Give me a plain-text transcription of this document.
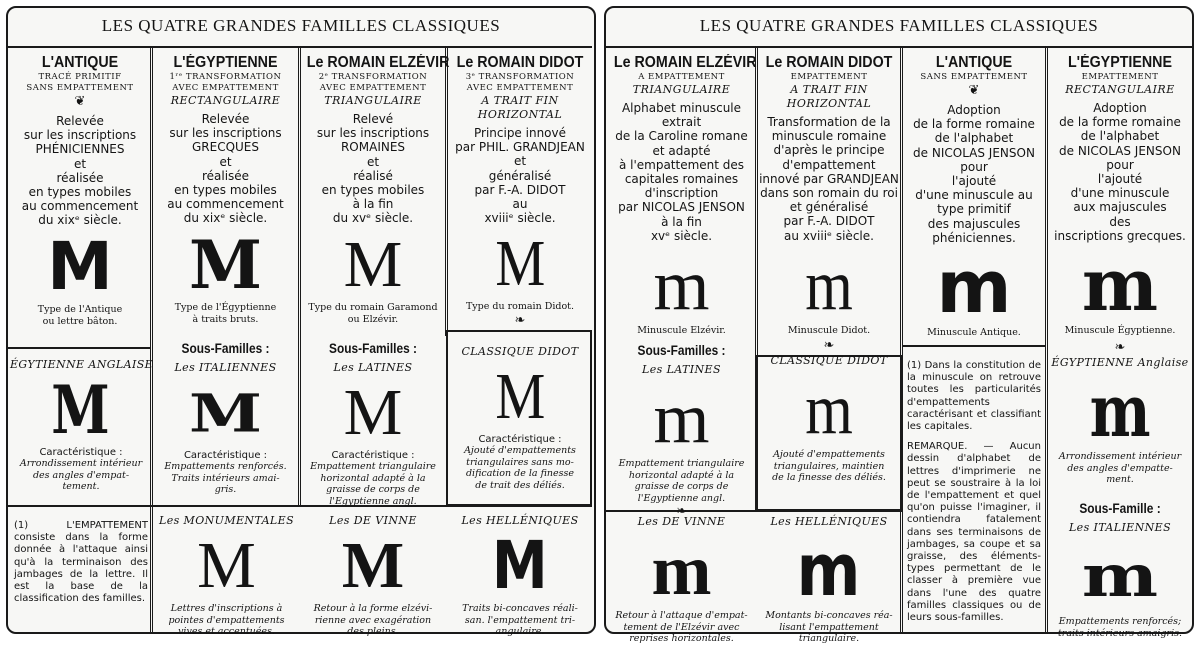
LES QUATRE GRANDES FAMILLES CLASSIQUES	LES QUATRE GRANDES FAMILLES CLASSIQUES
L'ANTIQUE
TRACÉ PRIMITIF
SANS EMPATTEMENT
❦
Relevée
sur les inscriptions
PHÉNICIENNES
et
réalisée
en types mobiles
au commencement
du xixᵉ siècle.
M
Type de l'Antique
ou lettre bâton.
L'ÉGYPTIENNE
1ʳᵉ TRANSFORMATION
AVEC EMPATTEMENT
RECTANGULAIRE
Relevée
sur les inscriptions
GRECQUES
et
réalisée
en types mobiles
au commencement
du xixᵉ siècle.
M
Type de l'Égyptienne
à traits bruts.
Le ROMAIN ELZÉVIR
2ᵉ TRANSFORMATION
AVEC EMPATTEMENT
TRIANGULAIRE
Relevé
sur les inscriptions
ROMAINES
et
réalisé
en types mobiles
à la fin
du xvᵉ siècle.
M
Type du romain Garamond
ou Elzévir.
Le ROMAIN DIDOT
3ᵉ TRANSFORMATION
AVEC EMPATTEMENT
A TRAIT FIN
HORIZONTAL
Principe innové
par PHIL. GRANDJEAN
et
généralisé
par F.-A. DIDOT
au
xviiiᵉ siècle.
M
Type du romain Didot.
❧
ÉGYTIENNE ANGLAISE
M
Caractéristique :
Arrondissement intérieur
des angles d'empat-
tement.
Sous-Familles :
Les ITALIENNES
M
Caractéristique :
Empattements renforcés.
Traits intérieurs amai-
gris.
Sous-Familles :
Les LATINES
M
Caractéristique :
Empattement triangulaire
horizontal adapté à la
graisse de corps de
l'Egyptienne angl.
CLASSIQUE DIDOT
M
Caractéristique :
Ajouté d'empattements
triangulaires sans mo-
dification de la finesse
de trait des déliés.

(1) L'EMPATTEMENT consiste dans la forme donnée à l'attaque ainsi qu'à la terminaison des jambages de la lettre. Il est la base de la classification des familles.

Les MONUMENTALES
M
Lettres d'inscriptions à
pointes d'empattements
vives et accentuées.
Les DE VINNE
M
Retour à la forme elzévi-
rienne avec exagération
des pleins.
Les HELLÉNIQUES
M
Traits bi-concaves réali-
san. l'empattement tri-
angulaire.
Le ROMAIN ELZÉVIR
A EMPATTEMENT
TRIANGULAIRE
Alphabet minuscule
extrait
de la Caroline romane
et adapté
à l'empattement des
capitales romaines
d'inscription
par NICOLAS JENSON
à la fin
xvᵉ siècle.
m
Minuscule Elzévir.
Le ROMAIN DIDOT
EMPATTEMENT
A TRAIT FIN
HORIZONTAL
Transformation de la
minuscule romaine
d'après le principe
d'empattement
innové par GRANDJEAN
dans son romain du roi
et généralisé
par F.-A. DIDOT
au xviiiᵉ siècle.
m
Minuscule Didot.
L'ANTIQUE
SANS EMPATTEMENT
❦
Adoption
de la forme romaine
de l'alphabet
de NICOLAS JENSON
pour
l'ajouté
d'une minuscule au
type primitif
des majuscules
phéniciennes.
m
Minuscule Antique.
L'ÉGYPTIENNE
EMPATTEMENT
RECTANGULAIRE
Adoption
de la forme romaine
de l'alphabet
de NICOLAS JENSON
pour
l'ajouté
d'une minuscule
aux majuscules
des
inscriptions grecques.
m
Minuscule Égyptienne.
Sous-Familles :
Les LATINES
m
Empattement triangulaire
horizontal adapté à la
graisse de corps de
l'Egyptienne angl.
❧
❧
CLASSIQUE DIDOT
m
Ajouté d'empattements
triangulaires, maintien
de la finesse des déliés.

(1) Dans la constitution de la minuscule on retrouve toutes les particularités d'empattements caractérisant et classifiant les capitales.

REMARQUE. — Aucun dessin d'alphabet de lettres d'imprimerie ne peut se soustraire à la loi de l'empattement et quel qu'on puisse l'imaginer, il contiendra fatalement dans ses terminaisons de jambages, sa coupe et sa graisse, des éléments-types permettant de le classer à première vue dans l'une des quatre familles classiques ou de leurs sous-familles.

❧
ÉGYPTIENNE Anglaise
m
Arrondissement intérieur
des angles d'empatte-
ment.
Les DE VINNE
m
Retour à l'attaque d'empat-
tement de l'Elzévir avec
reprises horizontales.
Les HELLÉNIQUES
m
Montants bi-concaves réa-
lisant l'empattement
triangulaire.
Sous-Famille :
Les ITALIENNES
m
Empattements renforcés;
traits intérieurs amaigris.
